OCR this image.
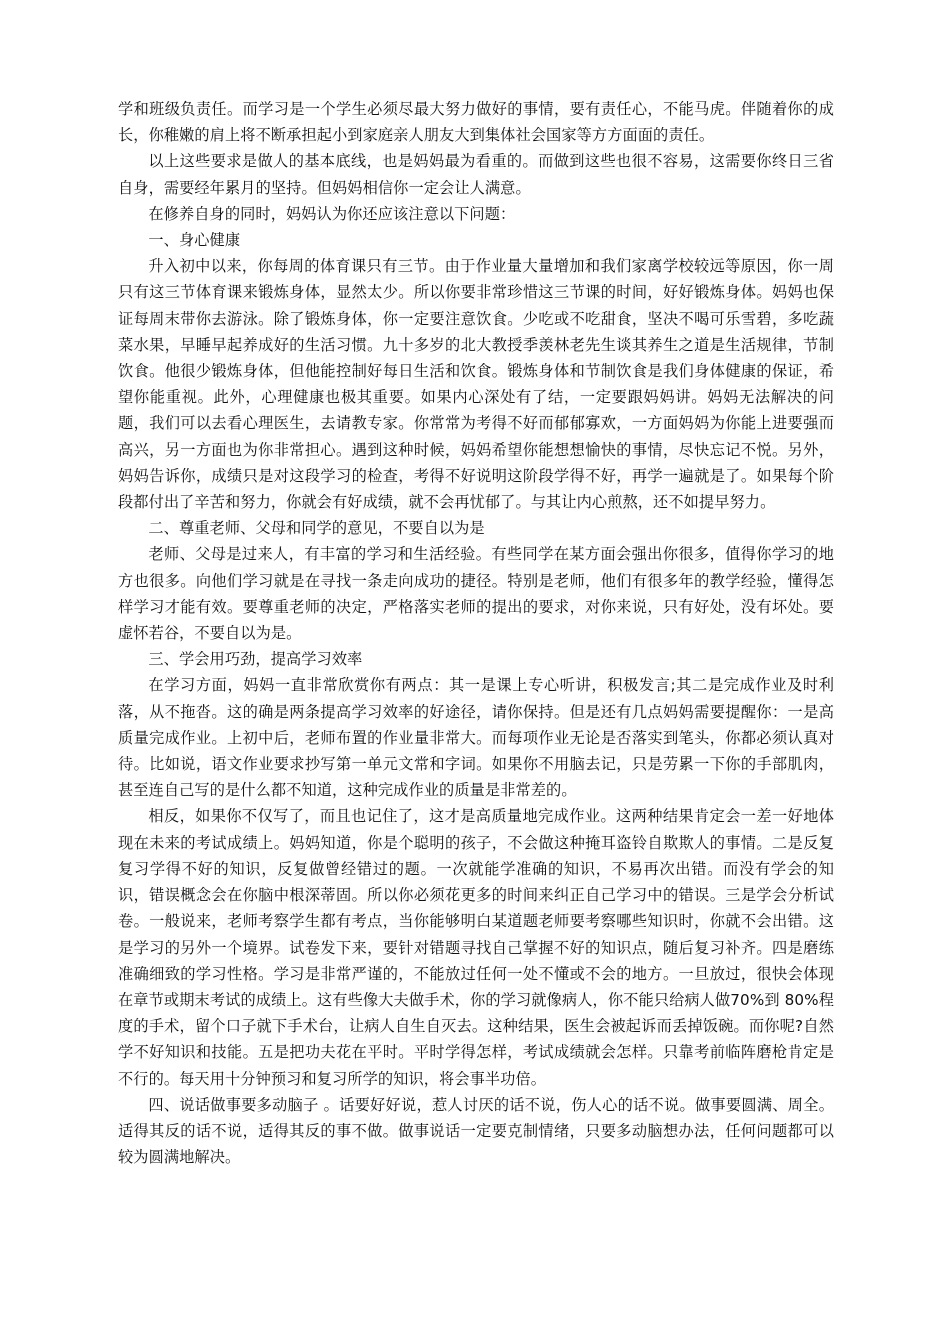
学和班级负责任。而学习是一个学生必须尽最大努力做好的事情，要有责任心，不能马虎。伴随着你的成长，你稚嫩的肩上将不断承担起小到家庭亲人朋友大到集体社会国家等方方面面的责任。

以上这些要求是做人的基本底线，也是妈妈最为看重的。而做到这些也很不容易，这需要你终日三省自身，需要经年累月的坚持。但妈妈相信你一定会让人满意。

在修养自身的同时，妈妈认为你还应该注意以下问题：

一、身心健康

升入初中以来，你每周的体育课只有三节。由于作业量大量增加和我们家离学校较远等原因，你一周只有这三节体育课来锻炼身体，显然太少。所以你要非常珍惜这三节课的时间，好好锻炼身体。妈妈也保证每周末带你去游泳。除了锻炼身体，你一定要注意饮食。少吃或不吃甜食，坚决不喝可乐雪碧，多吃蔬菜水果，早睡早起养成好的生活习惯。九十多岁的北大教授季羡林老先生谈其养生之道是生活规律，节制饮食。他很少锻炼身体，但他能控制好每日生活和饮食。锻炼身体和节制饮食是我们身体健康的保证，希望你能重视。此外，心理健康也极其重要。如果内心深处有了结，一定要跟妈妈讲。妈妈无法解决的问题，我们可以去看心理医生，去请教专家。你常常为考得不好而郁郁寡欢，一方面妈妈为你能上进要强而高兴，另一方面也为你非常担心。遇到这种时候，妈妈希望你能想想愉快的事情，尽快忘记不悦。另外，妈妈告诉你，成绩只是对这段学习的检查，考得不好说明这阶段学得不好，再学一遍就是了。如果每个阶段都付出了辛苦和努力，你就会有好成绩，就不会再忧郁了。与其让内心煎熬，还不如提早努力。

二、尊重老师、父母和同学的意见，不要自以为是

老师、父母是过来人，有丰富的学习和生活经验。有些同学在某方面会强出你很多，值得你学习的地方也很多。向他们学习就是在寻找一条走向成功的捷径。特别是老师，他们有很多年的教学经验，懂得怎样学习才能有效。要尊重老师的决定，严格落实老师的提出的要求，对你来说，只有好处，没有坏处。要虚怀若谷，不要自以为是。

三、学会用巧劲，提高学习效率

在学习方面，妈妈一直非常欣赏你有两点：其一是课上专心听讲，积极发言;其二是完成作业及时利落，从不拖沓。这的确是两条提高学习效率的好途径，请你保持。但是还有几点妈妈需要提醒你：一是高质量完成作业。上初中后，老师布置的作业量非常大。而每项作业无论是否落实到笔头，你都必须认真对待。比如说，语文作业要求抄写第一单元文常和字词。如果你不用脑去记，只是劳累一下你的手部肌肉，甚至连自己写的是什么都不知道，这种完成作业的质量是非常差的。

相反，如果你不仅写了，而且也记住了，这才是高质量地完成作业。这两种结果肯定会一差一好地体现在未来的考试成绩上。妈妈知道，你是个聪明的孩子，不会做这种掩耳盗铃自欺欺人的事情。二是反复复习学得不好的知识，反复做曾经错过的题。一次就能学准确的知识，不易再次出错。而没有学会的知识，错误概念会在你脑中根深蒂固。所以你必须花更多的时间来纠正自己学习中的错误。三是学会分析试卷。一般说来，老师考察学生都有考点，当你能够明白某道题老师要考察哪些知识时，你就不会出错。这是学习的另外一个境界。试卷发下来，要针对错题寻找自己掌握不好的知识点，随后复习补齐。四是磨练准确细致的学习性格。学习是非常严谨的，不能放过任何一处不懂或不会的地方。一旦放过，很快会体现在章节或期末考试的成绩上。这有些像大夫做手术，你的学习就像病人，你不能只给病人做70%到 80%程度的手术，留个口子就下手术台，让病人自生自灭去。这种结果，医生会被起诉而丢掉饭碗。而你呢?自然学不好知识和技能。五是把功夫花在平时。平时学得怎样，考试成绩就会怎样。只靠考前临阵磨枪肯定是不行的。每天用十分钟预习和复习所学的知识，将会事半功倍。

四、说话做事要多动脑子 。话要好好说，惹人讨厌的话不说，伤人心的话不说。做事要圆满、周全。适得其反的话不说，适得其反的事不做。做事说话一定要克制情绪，只要多动脑想办法，任何问题都可以较为圆满地解决。
